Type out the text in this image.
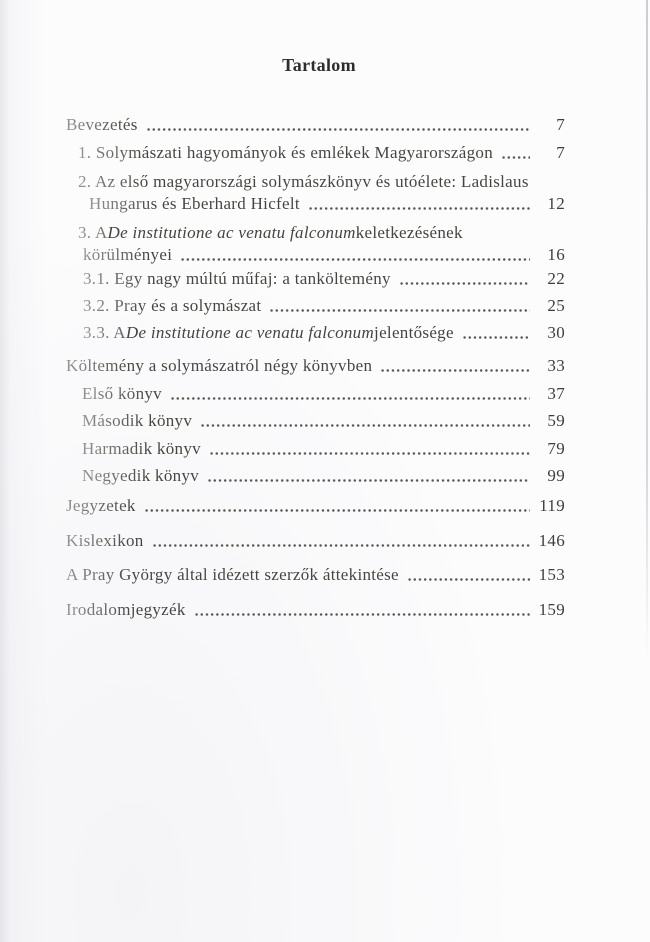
Tartalom
Bevezetés	7
1. Solymászati hagyományok és emlékek Magyarországon	7
2. Az első magyarországi solymászkönyv és utóélete: Ladislaus
Hungarus és Eberhard Hicfelt	12
3. A De institutione ac venatu falconum keletkezésének
körülményei	16
3.1. Egy nagy múltú műfaj: a tanköltemény	22
3.2. Pray és a solymászat	25
3.3. A De institutione ac venatu falconum jelentősége	30
Költemény a solymászatról négy könyvben	33
Első könyv	37
Második könyv	59
Harmadik könyv	79
Negyedik könyv	99
Jegyzetek	119
Kislexikon	146
A Pray György által idézett szerzők áttekintése	153
Irodalomjegyzék	159
